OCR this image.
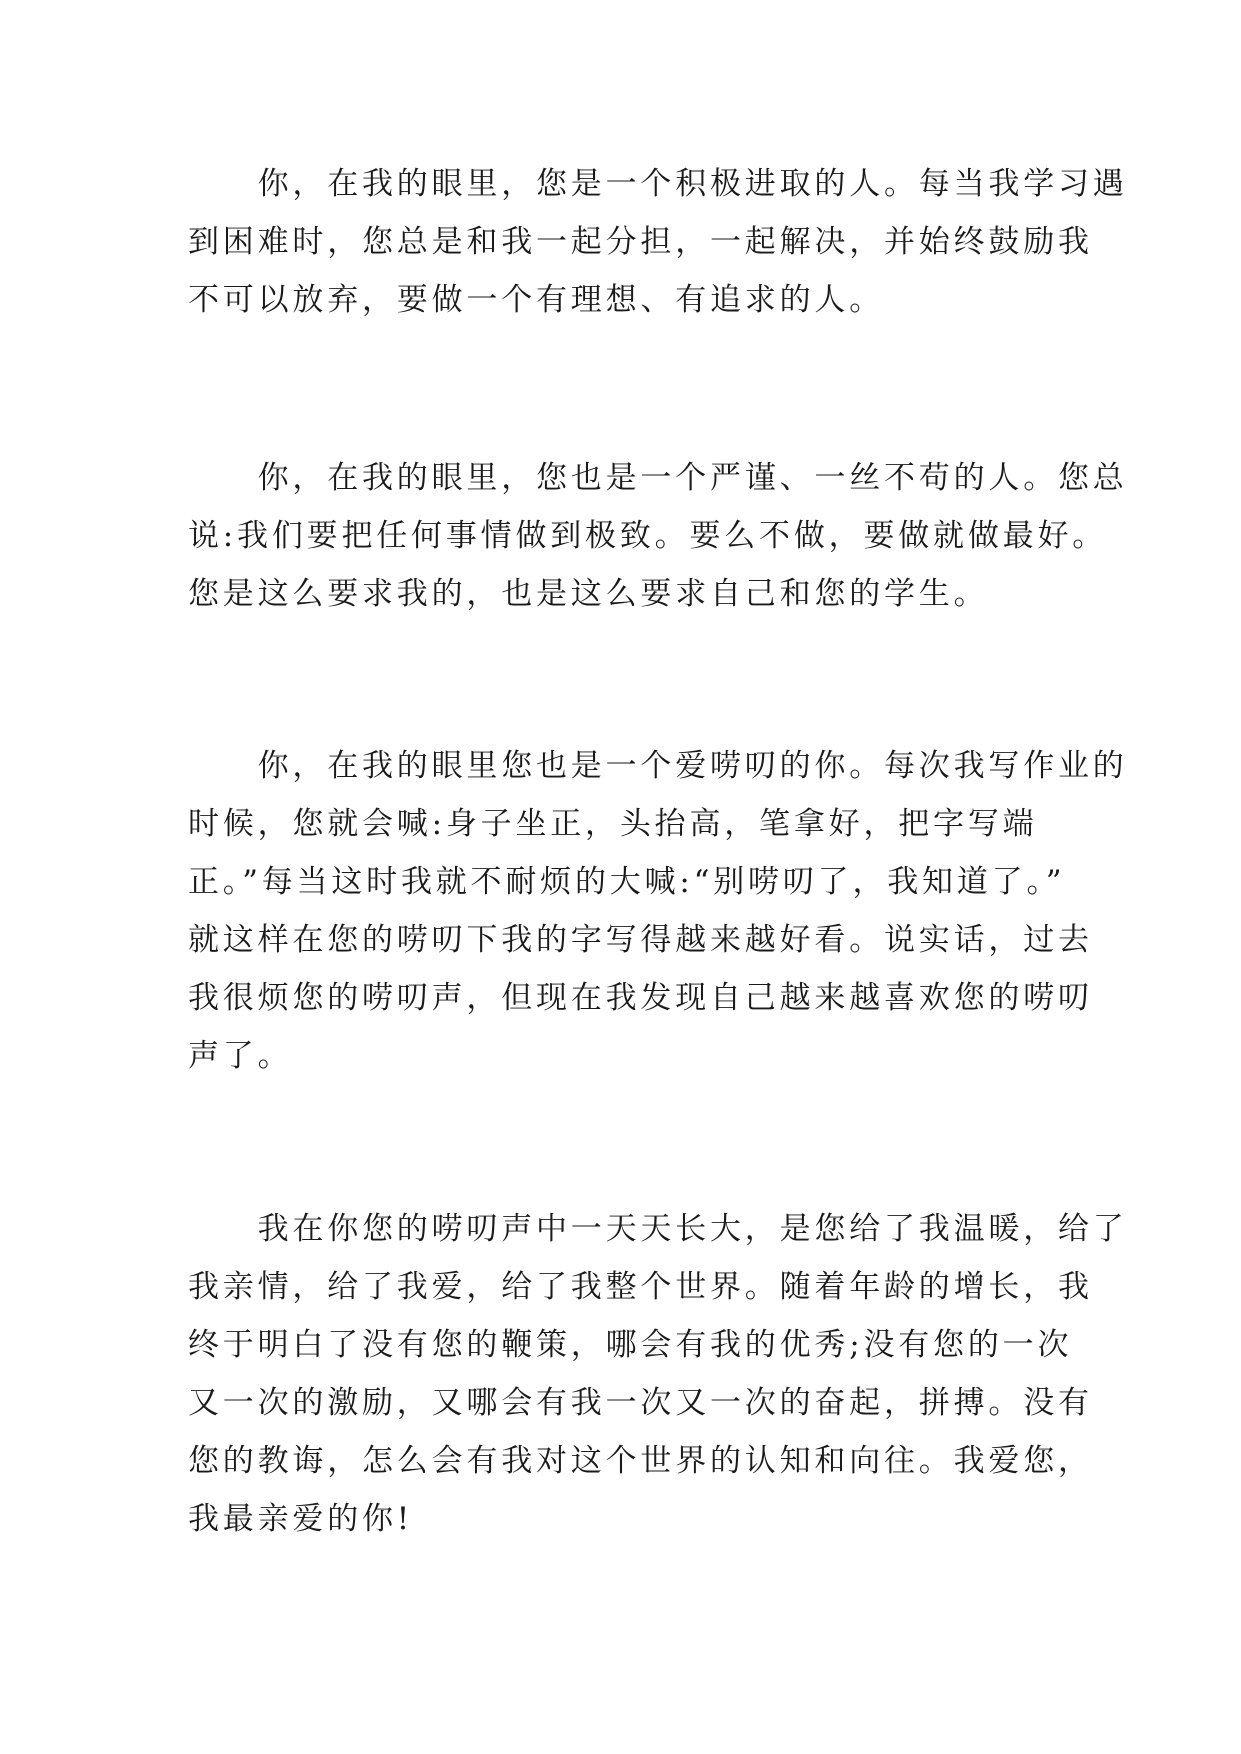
　　你，在我的眼里，您是一个积极进取的人。每当我学习遇
到困难时，您总是和我一起分担，一起解决，并始终鼓励我
不可以放弃，要做一个有理想、有追求的人。
　　你，在我的眼里，您也是一个严谨、一丝不苟的人。您总
说:我们要把任何事情做到极致。要么不做，要做就做最好。
您是这么要求我的，也是这么要求自己和您的学生。
　　你，在我的眼里您也是一个爱唠叨的你。每次我写作业的
时候，您就会喊:身子坐正，头抬高，笔拿好，把字写端
正。”每当这时我就不耐烦的大喊:“别唠叨了，我知道了。”
就这样在您的唠叨下我的字写得越来越好看。说实话，过去
我很烦您的唠叨声，但现在我发现自己越来越喜欢您的唠叨
声了。
　　我在你您的唠叨声中一天天长大，是您给了我温暖，给了
我亲情，给了我爱，给了我整个世界。随着年龄的增长，我
终于明白了没有您的鞭策，哪会有我的优秀;没有您的一次
又一次的激励，又哪会有我一次又一次的奋起，拼搏。没有
您的教诲，怎么会有我对这个世界的认知和向往。我爱您，
我最亲爱的你!
